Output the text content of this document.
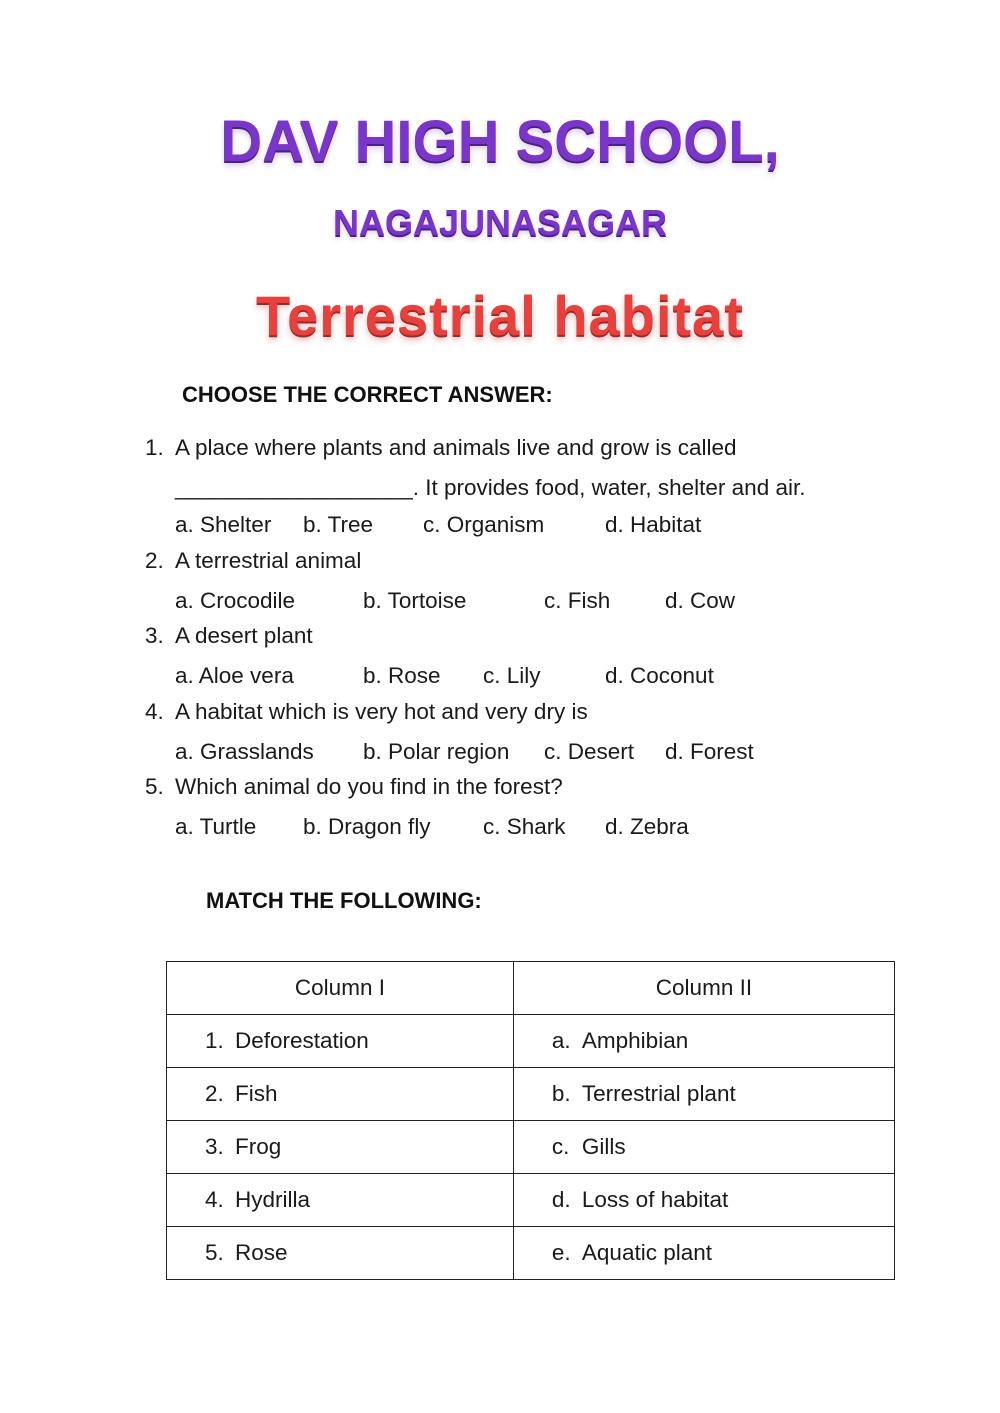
DAV HIGH SCHOOL,
NAGAJUNASAGAR
Terrestrial habitat

CHOOSE THE CORRECT ANSWER:

1. A place where plants and animals live and grow is called

___________________. It provides food, water, shelter and air.

a. Shelter b. Tree c. Organism	d. Habitat

2. A terrestrial animal

a. Crocodile	b. Tortoise	c. Fish d. Cow

3. A desert plant

a. Aloe vera	b. Rose c. Lily	d. Coconut

4. A habitat which is very hot and very dry is

a. Grasslands b. Polar region c. Desert d. Forest

5. Which animal do you find in the forest?

a. Turtle b. Dragon fly c. Shark d. Zebra

MATCH THE FOLLOWING:

Column I	Column II
1. Deforestation	a. Amphibian
2. Fish	b. Terrestrial plant
3. Frog	c. Gills
4. Hydrilla	d. Loss of habitat
5. Rose	e. Aquatic plant
